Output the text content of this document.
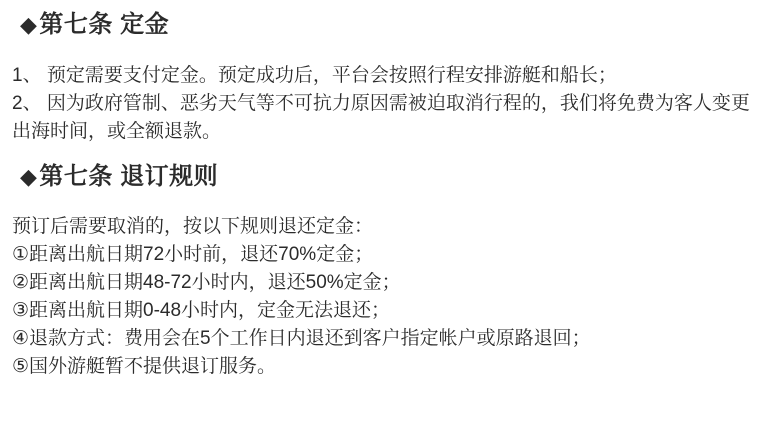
◆ 第七条 定金

1、 预定需要支付定金。预定成功后，平台会按照行程安排游艇和船长；

2、 因为政府管制、恶劣天气等不可抗力原因需被迫取消行程的，我们将免费为客人变更出海时间，或全额退款。

◆ 第七条 退订规则

预订后需要取消的，按以下规则退还定金：

①距离出航日期72小时前，退还70%定金；

②距离出航日期48-72小时内，退还50%定金；

③距离出航日期0-48小时内，定金无法退还；

④退款方式：费用会在5个工作日内退还到客户指定帐户或原路退回；

⑤国外游艇暂不提供退订服务。
